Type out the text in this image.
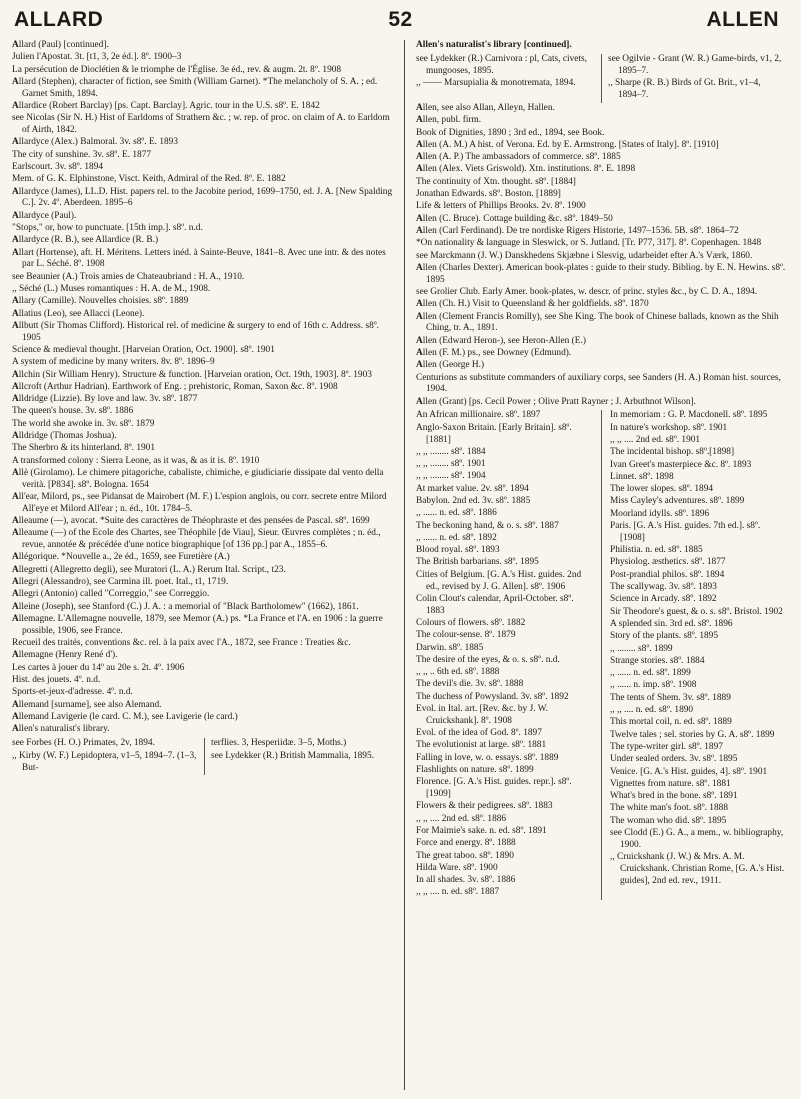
ALLARD	52	ALLEN
Allard (Paul) [continued].
Julien l'Apostat. 3t. [t1, 3, 2e éd.]. 8º. 1900–3
La persécution de Dioclétien & le triomphe de l'Église. 3e éd., rev. & augm. 2t. 8º. 1908
Allard (Stephen), character of fiction, see Smith (William Garnet). *The melancholy of S. A. ; ed. Garnet Smith, 1894.
Allardice (Robert Barclay) [ps. Capt. Barclay]. Agric. tour in the U.S. s8º. E. 1842
see Nicolas (Sir N. H.) Hist of Earldoms of Strathern &c. ; w. rep. of proc. on claim of A. to Earldom of Airth, 1842.
Allardyce (Alex.) Balmoral. 3v. s8º. E. 1893
The city of sunshine. 3v. s8º. E. 1877
Earlscourt. 3v. s8º. 1894
Mem. of G. K. Elphinstone, Visct. Keith, Admiral of the Red. 8º. E. 1882
Allardyce (James), LL.D. Hist. papers rel. to the Jacobite period, 1699–1750, ed. J. A. [New Spalding C.]. 2v. 4º. Aberdeen. 1895–6
Allardyce (Paul).
"Stops," or, how to punctuate. [15th imp.]. s8º. n.d.
Allardyce (R. B.), see Allardice (R. B.)
Allart (Hortense), aft. H. Méritens. Letters inéd. à Sainte-Beuve, 1841–8. Avec une intr. & des notes par L. Séché. 8º. 1908
see Beaunier (A.) Trois amies de Chateaubriand : H. A., 1910.
,, Séché (L.) Muses romantiques : H. A. de M., 1908.
Allary (Camille). Nouvelles choisies. s8º. 1889
Allatius (Leo), see Allacci (Leone).
Allbutt (Sir Thomas Clifford). Historical rel. of medicine & surgery to end of 16th c. Address. s8º. 1905
Science & medieval thought. [Harveian Oration, Oct. 1900]. s8º. 1901
A system of medicine by many writers. 8v. 8º. 1896–9
Allchin (Sir William Henry). Structure & function. [Harveian oration, Oct. 19th, 1903]. 8º. 1903
Allcroft (Arthur Hadrian). Earthwork of Eng. ; prehistoric, Roman, Saxon &c. 8º. 1908
Alldridge (Lizzie). By love and law. 3v. s8º. 1877
The queen's house. 3v. s8º. 1886
The world she awoke in. 3v. s8º. 1879
Alldridge (Thomas Joshua).
The Sherbro & its hinterland. 8º. 1901
A transformed colony : Sierra Leone, as it was, & as it is. 8º. 1910
Allè (Girolamo). Le chimere pitagoriche, cabaliste, chimiche, e giudiciarie dissipate dal vento della verità. [P834]. s8º. Bologna. 1654
All'ear, Milord, ps., see Pidansat de Mairobert (M. F.) L'espion anglois, ou corr. secrete entre Milord All'eye et Milord All'ear ; n. éd., 10t. 1784–5.
Alleaume (—), avocat. *Suite des caractères de Théophraste et des pensées de Pascal. s8º. 1699
Alleaume (—) of the Ecole des Chartes, see Théophile [de Viau], Sieur. Œuvres complètes ; n. éd., revue, annotée & précédée d'une notice biographique [of 136 pp.] par A., 1855–6.
Allégorique. *Nouvelle a., 2e éd., 1659, see Furetière (A.)
Allegretti (Allegretto degli), see Muratori (L. A.) Rerum Ital. Script., t23.
Allegri (Alessandro), see Carmina ill. poet. Ital., t1, 1719.
Allegri (Antonio) called "Correggio," see Correggio.
Alleine (Joseph), see Stanford (C.) J. A. : a memorial of "Black Bartholomew" (1662), 1861.
Allemagne. L'Allemagne nouvelle, 1879, see Memor (A.) ps. *La France et l'A. en 1906 : la guerre possible, 1906, see France.
Recueil des traités, conventions &c. rel. à la paix avec l'A., 1872, see France : Treaties &c.
Allemagne (Henry René d').
Les cartes à jouer du 14º au 20e s. 2t. 4º. 1906
Hist. des jouets. 4º. n.d.
Sports-et-jeux-d'adresse. 4º. n.d.
Allemand [surname], see also Alemand.
Allemand Lavigerie (le card. C. M.), see Lavigerie (le card.)
Allen's naturalist's library.
see Forbes (H. O.) Primates, 2v, 1894.
,, Kirby (W. F.) Lepidoptera, v1–5, 1894–7. (1–3, But-
terflies. 3, Hesperiidæ. 3–5, Moths.)
see Lydekker (R.) British Mammalia, 1895.
Allen's naturalist's library [continued].
see Lydekker (R.) Carnivora : pl, Cats, civets, mungooses, 1895.
,, —— Marsupialia & monotremata, 1894.
see Ogilvie - Grant (W. R.) Game-birds, v1, 2, 1895–7.
,, Sharpe (R. B.) Birds of Gt. Brit., v1–4, 1894–7.
Allen, see also Allan, Alleyn, Hallen.
Allen, publ. firm.
Book of Dignities, 1890 ; 3rd ed., 1894, see Book.
Allen (A. M.) A hist. of Verona. Ed. by E. Armstrong. [States of Italy]. 8º. [1910]
Allen (A. P.) The ambassadors of commerce. s8º. 1885
Allen (Alex. Viets Griswold). Xtn. institutions. 8º. E. 1898
The continuity of Xtn. thought. s8º. [1884]
Jonathan Edwards. s8º. Boston. [1889]
Life & letters of Phillips Brooks. 2v. 8º. 1900
Allen (C. Bruce). Cottage building &c. s8º. 1849–50
Allen (Carl Ferdinand). De tre nordiske Rigers Historie, 1497–1536. 5B. s8º. 1864–72
*On nationality & language in Sleswick, or S. Jutland. [Tr. P77, 317]. 8º. Copenhagen. 1848
see Marckmann (J. W.) Danskhedens Skjæbne i Slesvig, udarbeidet efter A.'s Værk, 1860.
Allen (Charles Dexter). American book-plates : guide to their study. Bibliog. by E. N. Hewins. s8º. 1895
see Grolier Club. Early Amer. book-plates, w. descr. of princ. styles &c., by C. D. A., 1894.
Allen (Ch. H.) Visit to Queensland & her goldfields. s8º. 1870
Allen (Clement Francis Romilly), see She King. The book of Chinese ballads, known as the Shih Ching, tr. A., 1891.
Allen (Edward Heron-), see Heron-Allen (E.)
Allen (F. M.) ps., see Downey (Edmund).
Allen (George H.)
Centurions as substitute commanders of auxiliary corps, see Sanders (H. A.) Roman hist. sources, 1904.
Allen (Grant) [ps. Cecil Power ; Olive Pratt Rayner ; J. Arbuthnot Wilson].
An African millionaire. s8º. 1897
Anglo-Saxon Britain. [Early Britain]. s8º. [1881]
,, ,, ........ s8º. 1884
,, ,, ........ s8º. 1901
,, ,, ........ s8º. 1904
At market value. 2v. s8º. 1894
Babylon. 2nd ed. 3v. s8º. 1885
,, ...... n. ed. s8º. 1886
The beckoning hand, & o. s. s8º. 1887
,, ...... n. ed. s8º. 1892
Blood royal. s8º. 1893
The British barbarians. s8º. 1895
Cities of Belgium. [G. A.'s Hist. guides. 2nd ed., revised by J. G. Allen]. s8º. 1906
Colin Clout's calendar, April-October. s8º. 1883
Colours of flowers. s8º. 1882
The colour-sense. 8º. 1879
Darwin. s8º. 1885
The desire of the eyes, & o. s. s8º. n.d.
,, ,, .. 6th ed. s8º. 1888
The devil's die. 3v. s8º. 1888
The duchess of Powysland. 3v. s8º. 1892
Evol. in Ital. art. [Rev. &c. by J. W. Cruickshank]. 8º. 1908
Evol. of the idea of God. 8º. 1897
The evolutionist at large. s8º. 1881
Falling in love, w. o. essays. s8º. 1889
Flashlights on nature. s8º. 1899
Florence. [G. A.'s Hist. guides. repr.]. s8º. [1909]
Flowers & their pedigrees. s8º. 1883
,, ,, .... 2nd ed. s8º. 1886
For Maimie's sake. n. ed. s8º. 1891
Force and energy. 8º. 1888
The great taboo. s8º. 1890
Hilda Ware. s8º. 1900
In all shades. 3v. s8º. 1886
,, ,, .... n. ed. s8º. 1887
In memoriam : G. P. Macdonell. s8º. 1895
In nature's workshop. s8º. 1901
,, ,, .... 2nd ed. s8º. 1901
The incidental bishop. s8º.[1898]
Ivan Greet's masterpiece &c. 8º. 1893
Linnet. s8º. 1898
The lower slopes. s8º. 1894
Miss Cayley's adventures. s8º. 1899
Moorland idylls. s8º. 1896
Paris. [G. A.'s Hist. guides. 7th ed.]. s8º. [1908]
Philistia. n. ed. s8º. 1885
Physiolog. æsthetics. s8º. 1877
Post-prandial philos. s8º. 1894
The scallywag. 3v. s8º. 1893
Science in Arcady. s8º. 1892
Sir Theodore's guest, & o. s. s8º. Bristol. 1902
A splended sin. 3rd ed. s8º. 1896
Story of the plants. s8º. 1895
,, ........ s8º. 1899
Strange stories. s8º. 1884
,, ...... n. ed. s8º. 1899
,, ...... n. imp. s8º. 1908
The tents of Shem. 3v. s8º. 1889
,, ,, .... n. ed. s8º. 1890
This mortal coil, n. ed. s8º. 1889
Twelve tales ; sel. stories by G. A. s8º. 1899
The type-writer girl. s8º. 1897
Under sealed orders. 3v. s8º. 1895
Venice. [G. A.'s Hist. guides, 4]. s8º. 1901
Vignettes from nature. s8º. 1881
What's bred in the bone. s8º. 1891
The white man's foot. s8º. 1888
The woman who did. s8º. 1895
see Clodd (E.) G. A., a mem., w. bibliography, 1900.
,, Cruickshank (J. W.) & Mrs. A. M. Cruickshank. Christian Rome, [G. A.'s Hist. guides], 2nd ed. rev., 1911.
